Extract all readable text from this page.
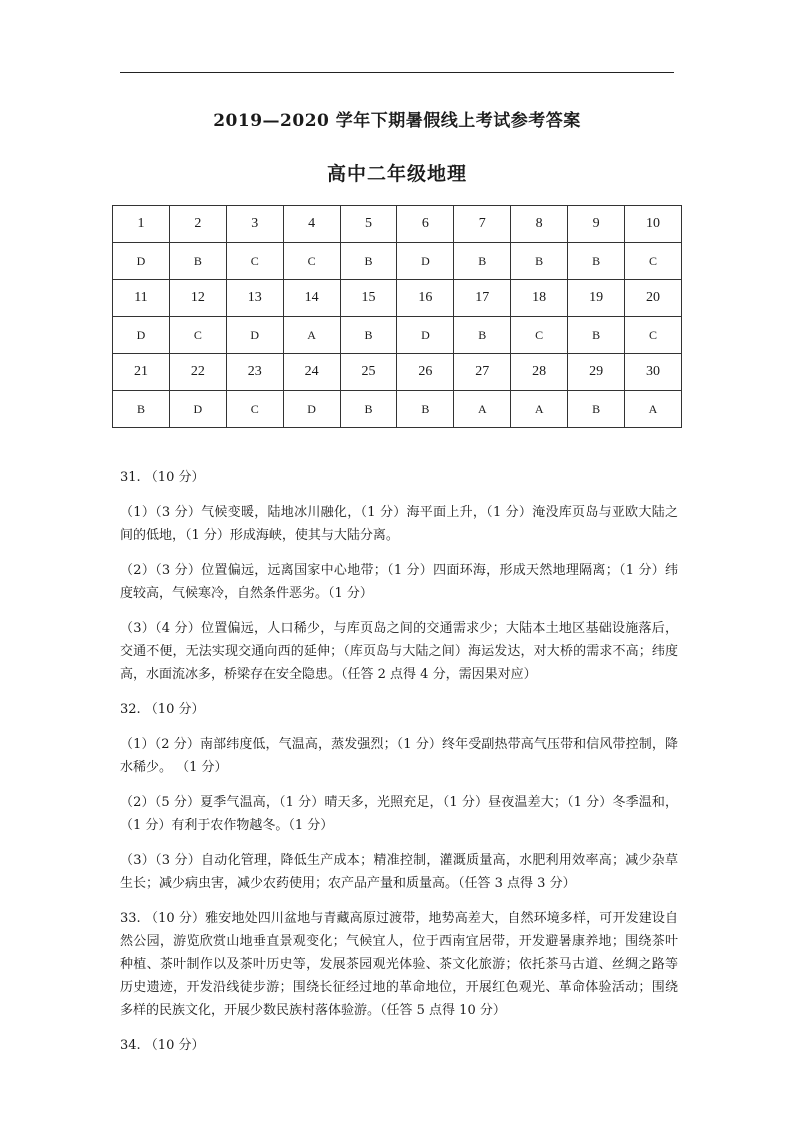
2019—2020 学年下期暑假线上考试参考答案
高中二年级地理
1	2	3	4	5	6	7	8	9	10
D	B	C	C	B	D	B	B	B	C
11	12	13	14	15	16	17	18	19	20
D	C	D	A	B	D	B	C	B	C
21	22	23	24	25	26	27	28	29	30
B	D	C	D	B	B	A	A	B	A

31. （10 分）

（1）（3 分）气候变暖，陆地冰川融化，（1 分）海平面上升，（1 分）淹没库页岛与亚欧大陆之间的低地，（1 分）形成海峡，使其与大陆分离。

（2）（3 分）位置偏远，远离国家中心地带；（1 分）四面环海，形成天然地理隔离；（1 分）纬度较高，气候寒冷，自然条件恶劣。（1 分）

（3）（4 分）位置偏远，人口稀少，与库页岛之间的交通需求少；大陆本土地区基础设施落后，交通不便，无法实现交通向西的延伸；（库页岛与大陆之间）海运发达，对大桥的需求不高；纬度高，水面流冰多，桥梁存在安全隐患。（任答 2 点得 4 分，需因果对应）

32. （10 分）

（1）（2 分）南部纬度低，气温高，蒸发强烈；（1 分）终年受副热带高气压带和信风带控制，降水稀少。 （1 分）

（2）（5 分）夏季气温高，（1 分）晴天多，光照充足，（1 分）昼夜温差大；（1 分）冬季温和，（1 分）有利于农作物越冬。（1 分）

（3）（3 分）自动化管理，降低生产成本；精准控制，灌溉质量高，水肥利用效率高；减少杂草生长；减少病虫害，减少农药使用；农产品产量和质量高。（任答 3 点得 3 分）

33. （10 分）雅安地处四川盆地与青藏高原过渡带，地势高差大，自然环境多样，可开发建设自然公园，游览欣赏山地垂直景观变化；气候宜人，位于西南宜居带，开发避暑康养地；围绕茶叶种植、茶叶制作以及茶叶历史等，发展茶园观光体验、茶文化旅游；依托茶马古道、丝绸之路等历史遗迹，开发沿线徒步游；围绕长征经过地的革命地位，开展红色观光、革命体验活动；围绕多样的民族文化，开展少数民族村落体验游。（任答 5 点得 10 分）

34. （10 分）
